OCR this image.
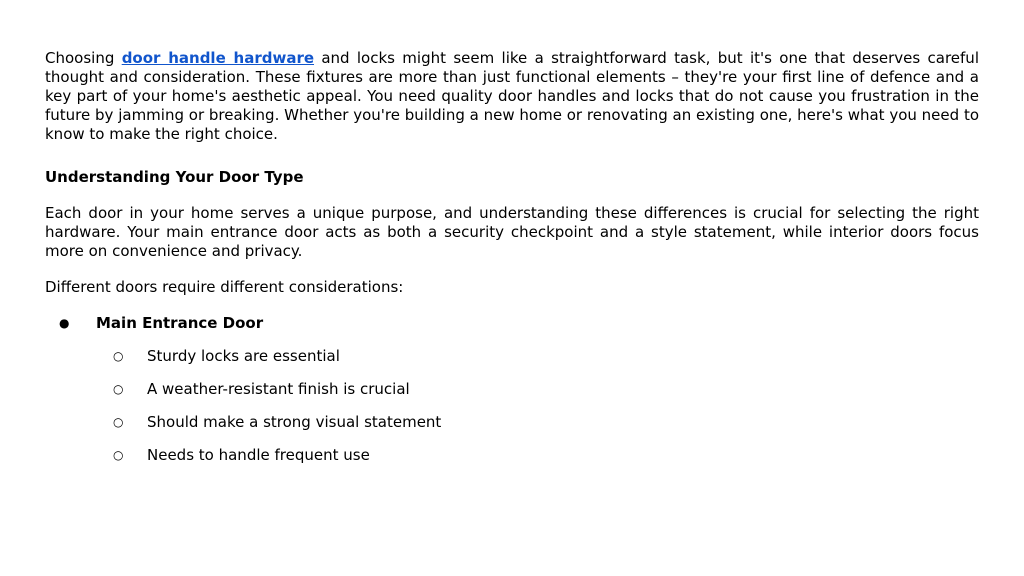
Choosing door handle hardware and locks might seem like a straightforward task, but it's one that deserves careful thought and consideration. These fixtures are more than just functional elements – they're your first line of defence and a key part of your home's aesthetic appeal. You need quality door handles and locks that do not cause you frustration in the future by jamming or breaking. Whether you're building a new home or renovating an existing one, here's what you need to know to make the right choice.

Understanding Your Door Type

Each door in your home serves a unique purpose, and understanding these differences is crucial for selecting the right hardware. Your main entrance door acts as both a security checkpoint and a style statement, while interior doors focus more on convenience and privacy.

Different doors require different considerations:

● Main Entrance Door
○ Sturdy locks are essential
○ A weather-resistant finish is crucial
○ Should make a strong visual statement
○ Needs to handle frequent use
